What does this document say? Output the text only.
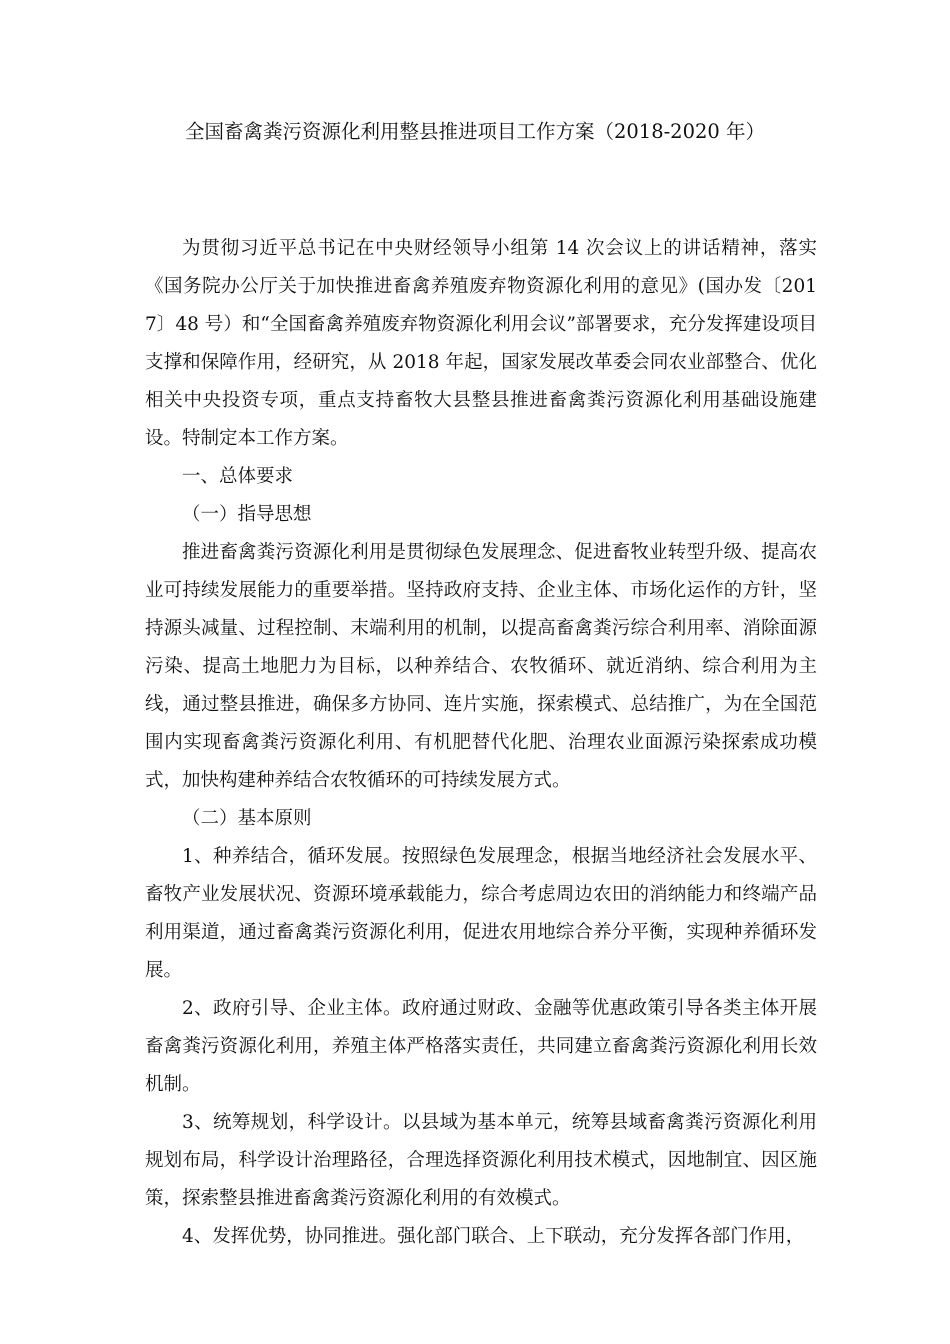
全国畜禽粪污资源化利用整县推进项目工作方案（2018-2020 年）

为贯彻习近平总书记在中央财经领导小组第 14 次会议上的讲话精神，落实《国务院办公厅关于加快推进畜禽养殖废弃物资源化利用的意见》(国办发〔2017〕48 号）和“全国畜禽养殖废弃物资源化利用会议”部署要求，充分发挥建设项目支撑和保障作用，经研究，从 2018 年起，国家发展改革委会同农业部整合、优化相关中央投资专项，重点支持畜牧大县整县推进畜禽粪污资源化利用基础设施建设。特制定本工作方案。

一、总体要求

（一）指导思想

推进畜禽粪污资源化利用是贯彻绿色发展理念、促进畜牧业转型升级、提高农业可持续发展能力的重要举措。坚持政府支持、企业主体、市场化运作的方针，坚持源头减量、过程控制、末端利用的机制，以提高畜禽粪污综合利用率、消除面源污染、提高土地肥力为目标，以种养结合、农牧循环、就近消纳、综合利用为主线，通过整县推进，确保多方协同、连片实施，探索模式、总结推广，为在全国范围内实现畜禽粪污资源化利用、有机肥替代化肥、治理农业面源污染探索成功模式，加快构建种养结合农牧循环的可持续发展方式。

（二）基本原则

1、种养结合，循环发展。按照绿色发展理念，根据当地经济社会发展水平、畜牧产业发展状况、资源环境承载能力，综合考虑周边农田的消纳能力和终端产品利用渠道，通过畜禽粪污资源化利用，促进农用地综合养分平衡，实现种养循环发展。

2、政府引导、企业主体。政府通过财政、金融等优惠政策引导各类主体开展畜禽粪污资源化利用，养殖主体严格落实责任，共同建立畜禽粪污资源化利用长效机制。

3、统筹规划，科学设计。以县域为基本单元，统筹县域畜禽粪污资源化利用规划布局，科学设计治理路径，合理选择资源化利用技术模式，因地制宜、因区施策，探索整县推进畜禽粪污资源化利用的有效模式。

4、发挥优势，协同推进。强化部门联合、上下联动，充分发挥各部门作用，
